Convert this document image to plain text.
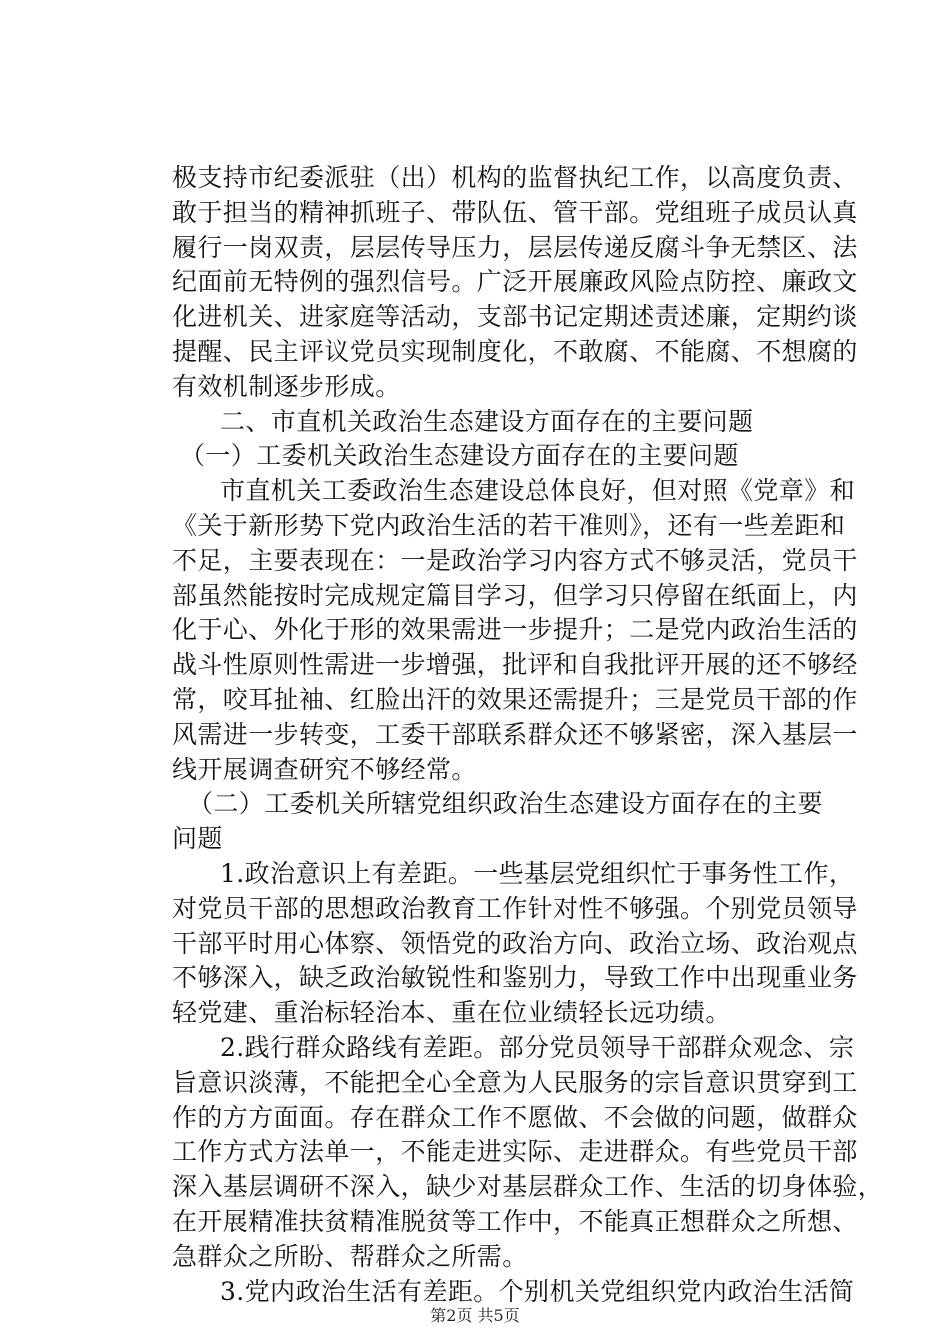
极支持市纪委派驻（出）机构的监督执纪工作，以高度负责、
敢于担当的精神抓班子、带队伍、管干部。党组班子成员认真
履行一岗双责，层层传导压力，层层传递反腐斗争无禁区、法
纪面前无特例的强烈信号。广泛开展廉政风险点防控、廉政文
化进机关、进家庭等活动，支部书记定期述责述廉，定期约谈
提醒、民主评议党员实现制度化，不敢腐、不能腐、不想腐的
有效机制逐步形成。
二、市直机关政治生态建设方面存在的主要问题
（一）工委机关政治生态建设方面存在的主要问题
市直机关工委政治生态建设总体良好，但对照《党章》和
《关于新形势下党内政治生活的若干准则》，还有一些差距和
不足，主要表现在：一是政治学习内容方式不够灵活，党员干
部虽然能按时完成规定篇目学习，但学习只停留在纸面上，内
化于心、外化于形的效果需进一步提升；二是党内政治生活的
战斗性原则性需进一步增强，批评和自我批评开展的还不够经
常，咬耳扯袖、红脸出汗的效果还需提升；三是党员干部的作
风需进一步转变，工委干部联系群众还不够紧密，深入基层一
线开展调查研究不够经常。
（二）工委机关所辖党组织政治生态建设方面存在的主要
问题
1.政治意识上有差距。一些基层党组织忙于事务性工作，
对党员干部的思想政治教育工作针对性不够强。个别党员领导
干部平时用心体察、领悟党的政治方向、政治立场、政治观点
不够深入，缺乏政治敏锐性和鉴别力，导致工作中出现重业务
轻党建、重治标轻治本、重在位业绩轻长远功绩。
2.践行群众路线有差距。部分党员领导干部群众观念、宗
旨意识淡薄，不能把全心全意为人民服务的宗旨意识贯穿到工
作的方方面面。存在群众工作不愿做、不会做的问题，做群众
工作方式方法单一，不能走进实际、走进群众。有些党员干部
深入基层调研不深入，缺少对基层群众工作、生活的切身体验，
在开展精准扶贫精准脱贫等工作中，不能真正想群众之所想、
急群众之所盼、帮群众之所需。
3.党内政治生活有差距。个别机关党组织党内政治生活简
第2页 共5页
